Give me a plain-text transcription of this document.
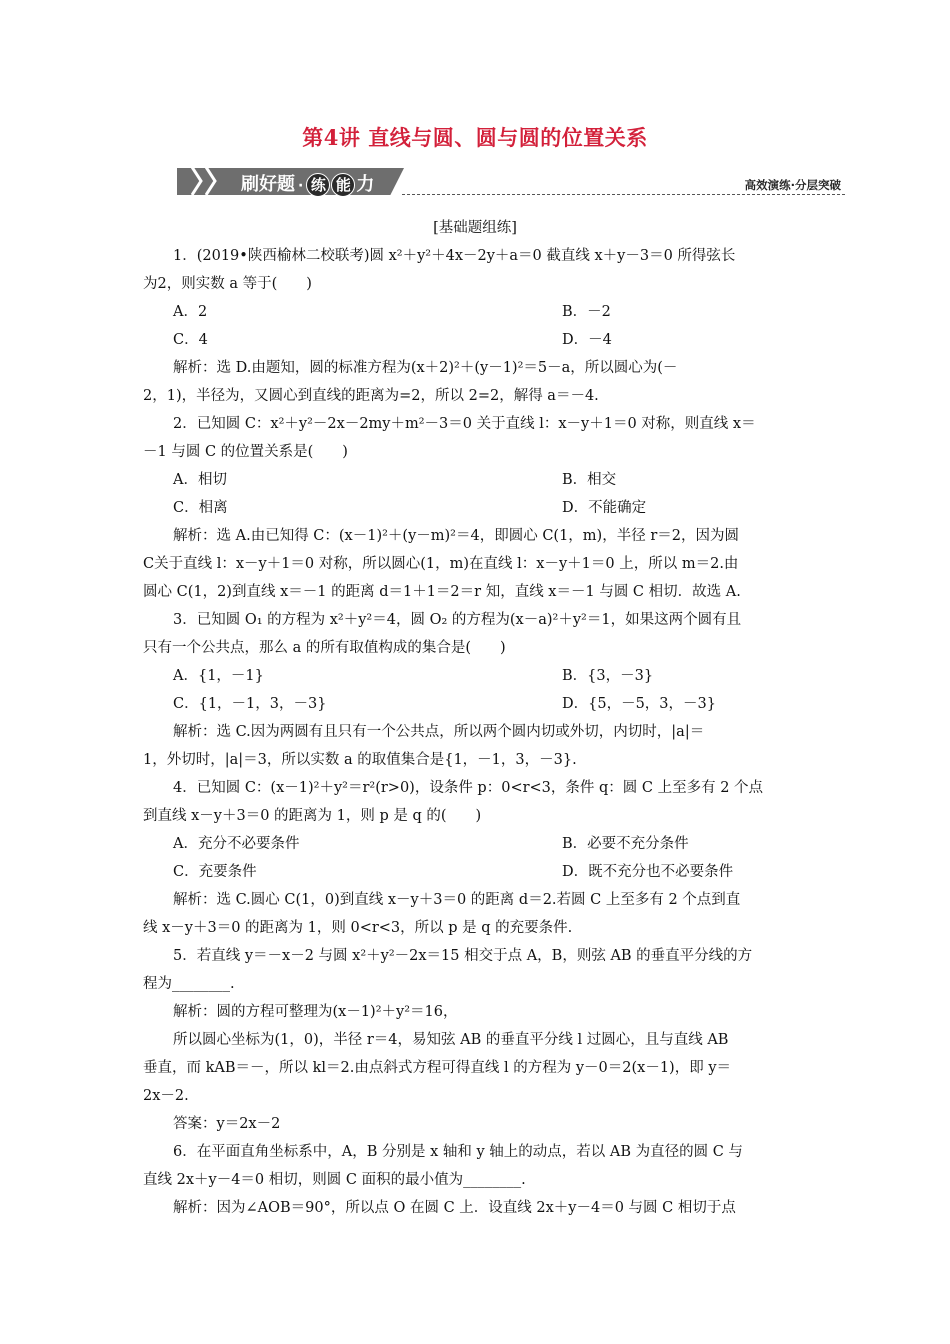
第4讲 直线与圆、圆与圆的位置关系
刷好题 · 练 能 力	高效演练·分层突破
[基础题组练]
1．(2019•陕西榆林二校联考)圆 x²＋y²＋4x－2y＋a＝0 截直线 x＋y－3＝0 所得弦长
为2，则实数 a 等于(　　)
A．2	B．－2
C．4	D．－4
解析：选 D.由题知，圆的标准方程为(x＋2)²＋(y－1)²＝5－a，所以圆心为(－
2，1)，半径为，又圆心到直线的距离为=2，所以 2=2，解得 a＝－4.
2．已知圆 C：x²＋y²－2x－2my＋m²－3＝0 关于直线 l：x－y＋1＝0 对称，则直线 x＝
－1 与圆 C 的位置关系是(　　)
A．相切	B．相交
C．相离	D．不能确定
解析：选 A.由已知得 C：(x－1)²＋(y－m)²＝4，即圆心 C(1，m)，半径 r＝2，因为圆
C关于直线 l：x－y＋1＝0 对称，所以圆心(1，m)在直线 l：x－y＋1＝0 上，所以 m＝2.由
圆心 C(1，2)到直线 x＝－1 的距离 d＝1＋1＝2＝r 知，直线 x＝－1 与圆 C 相切．故选 A.
3．已知圆 O₁ 的方程为 x²＋y²＝4，圆 O₂ 的方程为(x－a)²＋y²＝1，如果这两个圆有且
只有一个公共点，那么 a 的所有取值构成的集合是(　　)
A．{1，－1}	B．{3，－3}
C．{1，－1，3，－3}	D．{5，－5，3，－3}
解析：选 C.因为两圆有且只有一个公共点，所以两个圆内切或外切，内切时，|a|＝
1，外切时，|a|＝3，所以实数 a 的取值集合是{1，－1，3，－3}.
4．已知圆 C：(x－1)²＋y²＝r²(r>0)，设条件 p：0<r<3，条件 q：圆 C 上至多有 2 个点
到直线 x－y＋3＝0 的距离为 1，则 p 是 q 的(　　)
A．充分不必要条件	B．必要不充分条件
C．充要条件	D．既不充分也不必要条件
解析：选 C.圆心 C(1，0)到直线 x－y＋3＝0 的距离 d＝2.若圆 C 上至多有 2 个点到直
线 x－y＋3＝0 的距离为 1，则 0<r<3，所以 p 是 q 的充要条件.
5．若直线 y＝－x－2 与圆 x²＋y²－2x＝15 相交于点 A，B，则弦 AB 的垂直平分线的方
程为________.
解析：圆的方程可整理为(x－1)²＋y²＝16，
所以圆心坐标为(1，0)，半径 r＝4，易知弦 AB 的垂直平分线 l 过圆心，且与直线 AB
垂直，而 kAB＝－，所以 kl＝2.由点斜式方程可得直线 l 的方程为 y－0＝2(x－1)，即 y＝
2x－2.
答案：y＝2x－2
6．在平面直角坐标系中，A，B 分别是 x 轴和 y 轴上的动点，若以 AB 为直径的圆 C 与
直线 2x＋y－4＝0 相切，则圆 C 面积的最小值为________.
解析：因为∠AOB＝90°，所以点 O 在圆 C 上．设直线 2x＋y－4＝0 与圆 C 相切于点
